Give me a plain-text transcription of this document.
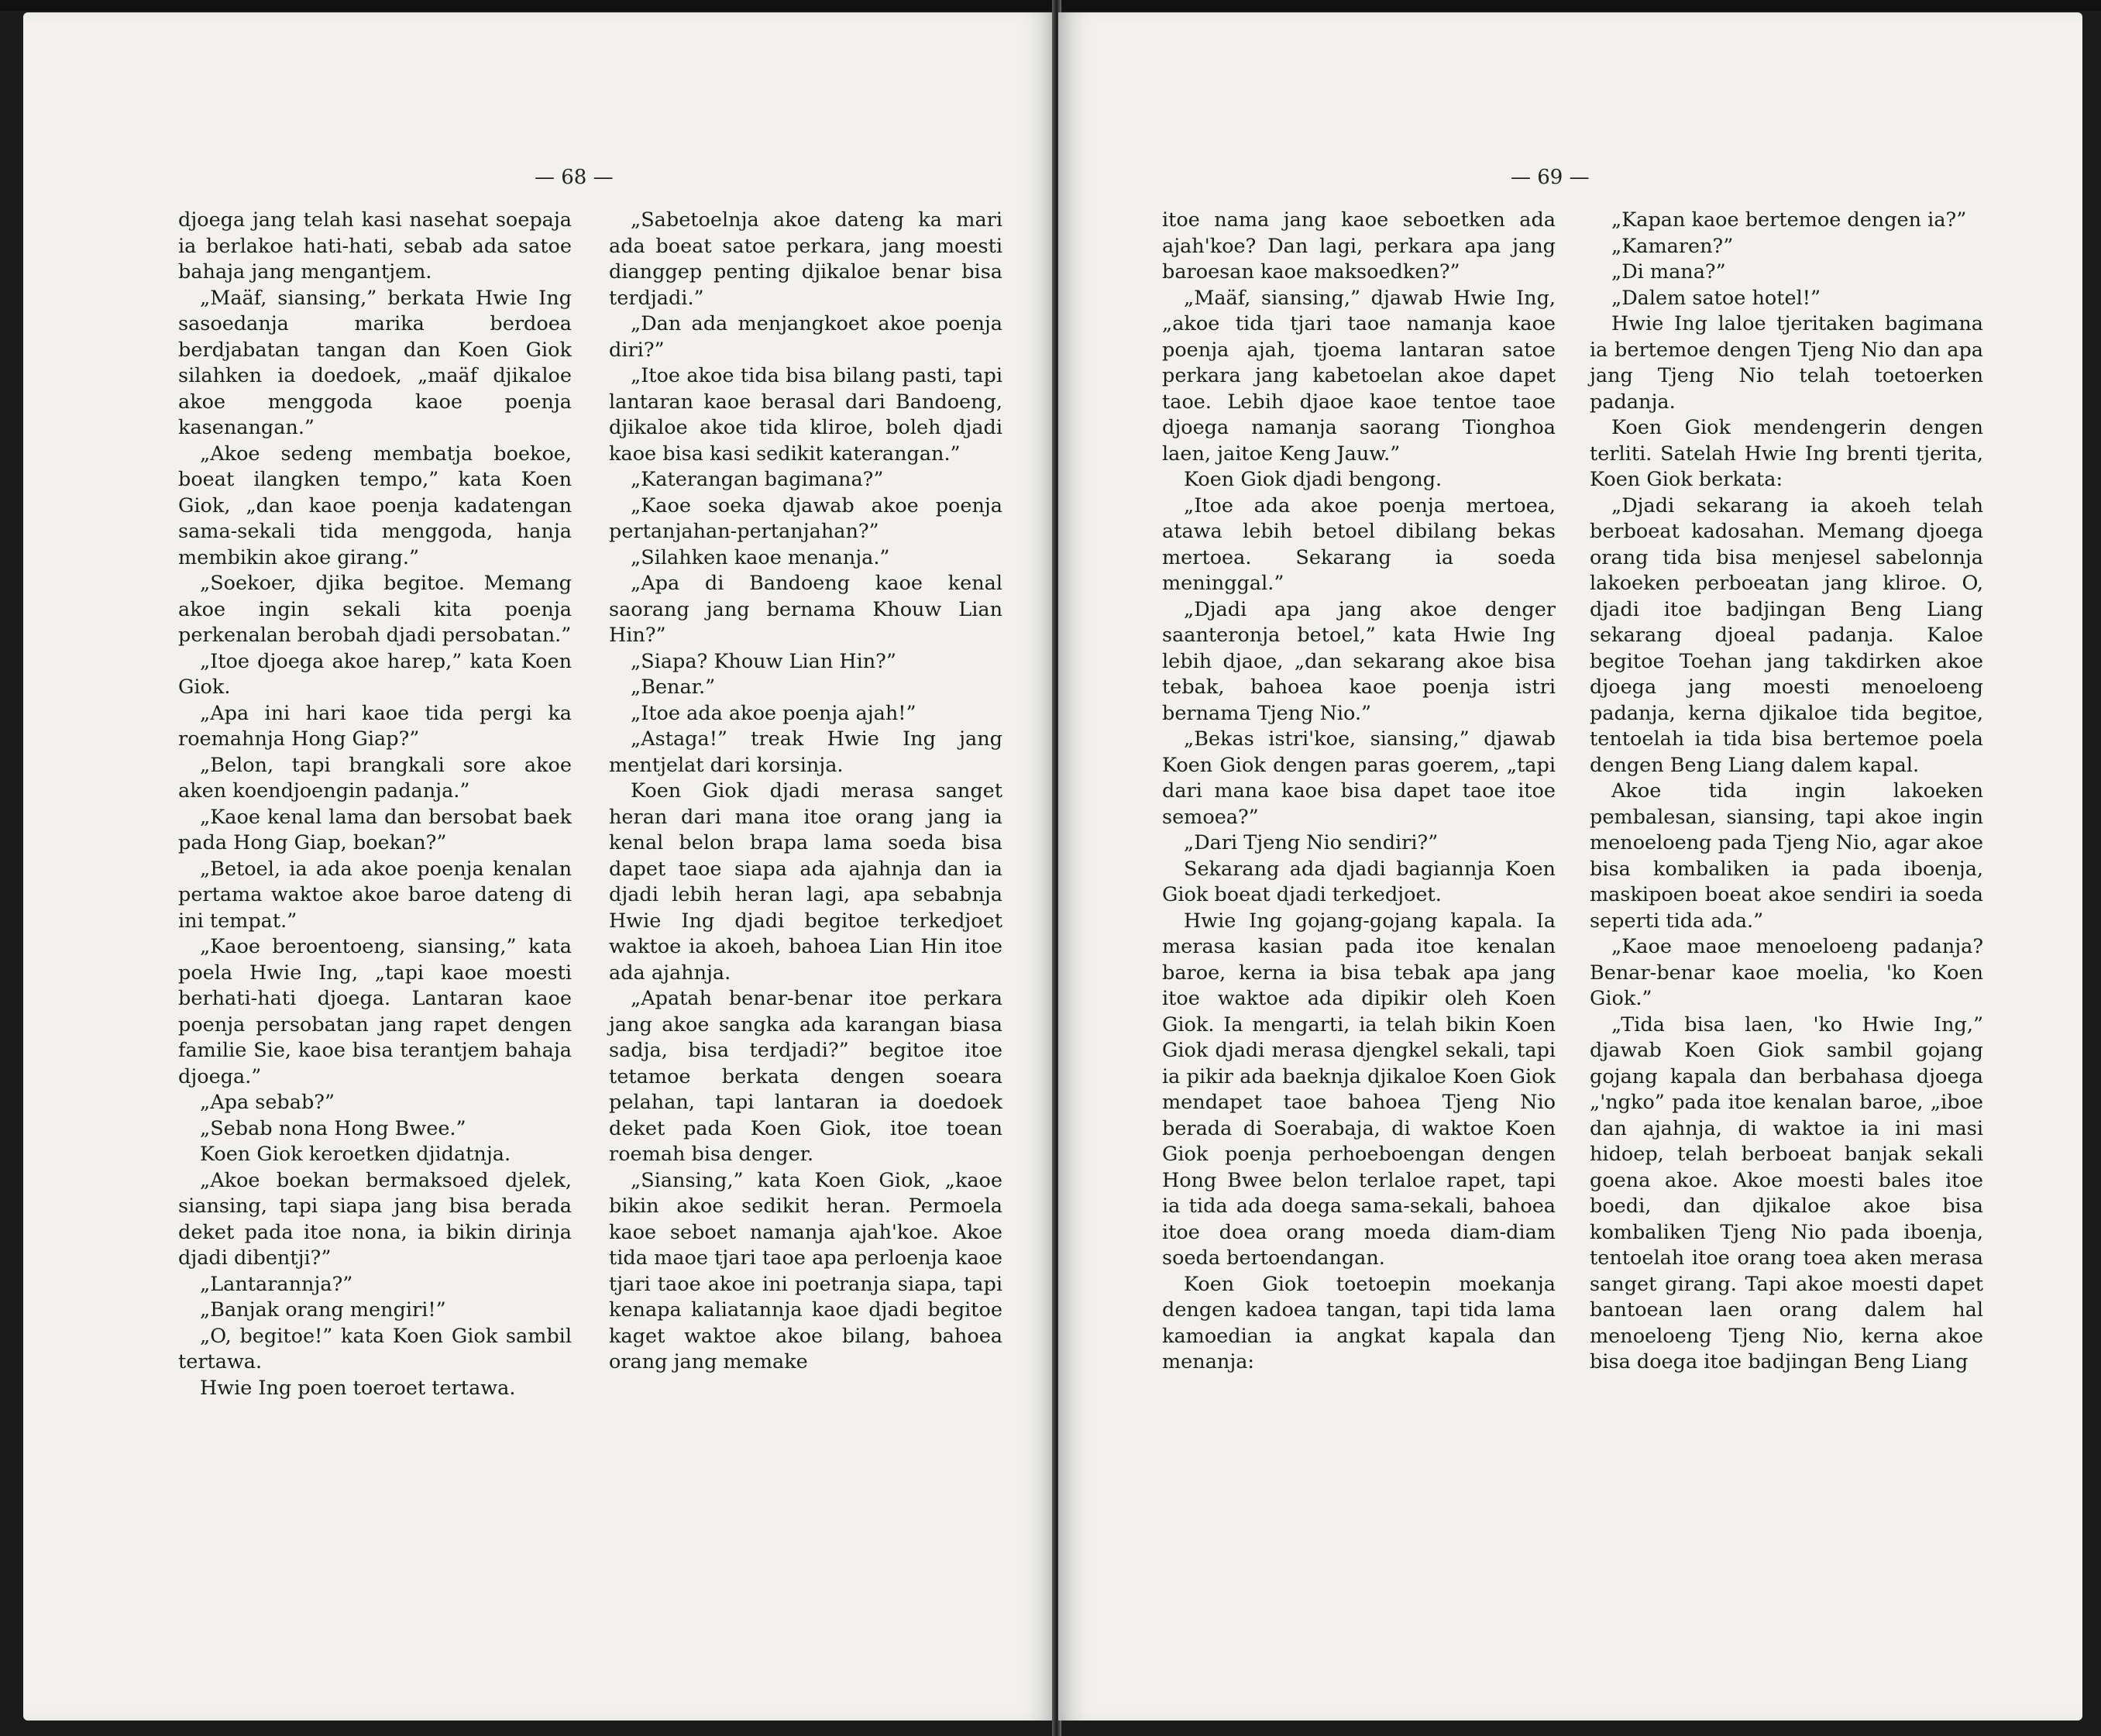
— 68 —

djoega jang telah kasi nasehat soepaja ia berlakoe hati-hati, sebab ada satoe bahaja jang mengantjem.

„Maäf, siansing,” berkata Hwie Ing sasoedanja marika berdoea berdjabatan tangan dan Koen Giok silahken ia doedoek, „maäf djikaloe akoe menggoda kaoe poenja kasenangan.”

„Akoe sedeng membatja boekoe, boeat ilangken tempo,” kata Koen Giok, „dan kaoe poenja kadatengan sama-sekali tida menggoda, hanja membikin akoe girang.”

„Soekoer, djika begitoe. Memang akoe ingin sekali kita poenja perkenalan berobah djadi persobatan.”

„Itoe djoega akoe harep,” kata Koen Giok.

„Apa ini hari kaoe tida pergi ka roemahnja Hong Giap?”

„Belon, tapi brangkali sore akoe aken koendjoengin padanja.”

„Kaoe kenal lama dan bersobat baek pada Hong Giap, boekan?”

„Betoel, ia ada akoe poenja kenalan pertama waktoe akoe baroe dateng di ini tempat.”

„Kaoe beroentoeng, siansing,” kata poela Hwie Ing, „tapi kaoe moesti berhati-hati djoega. Lantaran kaoe poenja persobatan jang rapet dengen familie Sie, kaoe bisa terantjem bahaja djoega.”

„Apa sebab?”

„Sebab nona Hong Bwee.”

Koen Giok keroetken djidatnja.

„Akoe boekan bermaksoed djelek, siansing, tapi siapa jang bisa berada deket pada itoe nona, ia bikin dirinja djadi dibentji?”

„Lantarannja?”

„Banjak orang mengiri!”

„O, begitoe!” kata Koen Giok sambil tertawa.

Hwie Ing poen toeroet tertawa.

„Sabetoelnja akoe dateng ka mari ada boeat satoe perkara, jang moesti dianggep penting djikaloe benar bisa terdjadi.”

„Dan ada menjangkoet akoe poenja diri?”

„Itoe akoe tida bisa bilang pasti, tapi lantaran kaoe berasal dari Bandoeng, djikaloe akoe tida kliroe, boleh djadi kaoe bisa kasi sedikit katerangan.”

„Katerangan bagimana?”

„Kaoe soeka djawab akoe poenja pertanjahan-pertanjahan?”

„Silahken kaoe menanja.”

„Apa di Bandoeng kaoe kenal saorang jang bernama Khouw Lian Hin?”

„Siapa? Khouw Lian Hin?”

„Benar.”

„Itoe ada akoe poenja ajah!”

„Astaga!” treak Hwie Ing jang mentjelat dari korsinja.

Koen Giok djadi merasa sanget heran dari mana itoe orang jang ia kenal belon brapa lama soeda bisa dapet taoe siapa ada ajahnja dan ia djadi lebih heran lagi, apa sebabnja Hwie Ing djadi begitoe terkedjoet waktoe ia akoeh, bahoea Lian Hin itoe ada ajahnja.

„Apatah benar-benar itoe perkara jang akoe sangka ada karangan biasa sadja, bisa terdjadi?” begitoe itoe tetamoe berkata dengen soeara pelahan, tapi lantaran ia doedoek deket pada Koen Giok, itoe toean roemah bisa denger.

„Siansing,” kata Koen Giok, „kaoe bikin akoe sedikit heran. Permoela kaoe seboet namanja ajah'koe. Akoe tida maoe tjari taoe apa perloenja kaoe tjari taoe akoe ini poetranja siapa, tapi kenapa kaliatannja kaoe djadi begitoe kaget waktoe akoe bilang, bahoea orang jang memake

— 69 —

itoe nama jang kaoe seboetken ada ajah'koe? Dan lagi, perkara apa jang baroesan kaoe maksoedken?”

„Maäf, siansing,” djawab Hwie Ing, „akoe tida tjari taoe namanja kaoe poenja ajah, tjoema lantaran satoe perkara jang kabetoelan akoe dapet taoe. Lebih djaoe kaoe tentoe taoe djoega namanja saorang Tionghoa laen, jaitoe Keng Jauw.”

Koen Giok djadi bengong.

„Itoe ada akoe poenja mertoea, atawa lebih betoel dibilang bekas mertoea. Sekarang ia soeda meninggal.”

„Djadi apa jang akoe denger saanteronja betoel,” kata Hwie Ing lebih djaoe, „dan sekarang akoe bisa tebak, bahoea kaoe poenja istri bernama Tjeng Nio.”

„Bekas istri'koe, siansing,” djawab Koen Giok dengen paras goerem, „tapi dari mana kaoe bisa dapet taoe itoe semoea?”

„Dari Tjeng Nio sendiri?”

Sekarang ada djadi bagiannja Koen Giok boeat djadi terkedjoet.

Hwie Ing gojang-gojang kapala. Ia merasa kasian pada itoe kenalan baroe, kerna ia bisa tebak apa jang itoe waktoe ada dipikir oleh Koen Giok. Ia mengarti, ia telah bikin Koen Giok djadi merasa djengkel sekali, tapi ia pikir ada baeknja djikaloe Koen Giok mendapet taoe bahoea Tjeng Nio berada di Soerabaja, di waktoe Koen Giok poenja perhoeboengan dengen Hong Bwee belon terlaloe rapet, tapi ia tida ada doega sama-sekali, bahoea itoe doea orang moeda diam-diam soeda bertoendangan.

Koen Giok toetoepin moekanja dengen kadoea tangan, tapi tida lama kamoedian ia angkat kapala dan menanja:

„Kapan kaoe bertemoe dengen ia?”

„Kamaren?”

„Di mana?”

„Dalem satoe hotel!”

Hwie Ing laloe tjeritaken bagimana ia bertemoe dengen Tjeng Nio dan apa jang Tjeng Nio telah toetoerken padanja.

Koen Giok mendengerin dengen terliti. Satelah Hwie Ing brenti tjerita, Koen Giok berkata:

„Djadi sekarang ia akoeh telah berboeat kadosahan. Memang djoega orang tida bisa menjesel sabelonnja lakoeken perboeatan jang kliroe. O, djadi itoe badjingan Beng Liang sekarang djoeal padanja. Kaloe begitoe Toehan jang takdirken akoe djoega jang moesti menoeloeng padanja, kerna djikaloe tida begitoe, tentoelah ia tida bisa bertemoe poela dengen Beng Liang dalem kapal.

Akoe tida ingin lakoeken pembalesan, siansing, tapi akoe ingin menoeloeng pada Tjeng Nio, agar akoe bisa kombaliken ia pada iboenja, maskipoen boeat akoe sendiri ia soeda seperti tida ada.”

„Kaoe maoe menoeloeng padanja? Benar-benar kaoe moelia, 'ko Koen Giok.”

„Tida bisa laen, 'ko Hwie Ing,” djawab Koen Giok sambil gojang gojang kapala dan berbahasa djoega „'ngko” pada itoe kenalan baroe, „iboe dan ajahnja, di waktoe ia ini masi hidoep, telah berboeat banjak sekali goena akoe. Akoe moesti bales itoe boedi, dan djikaloe akoe bisa kombaliken Tjeng Nio pada iboenja, tentoelah itoe orang toea aken merasa sanget girang. Tapi akoe moesti dapet bantoean laen orang dalem hal menoeloeng Tjeng Nio, kerna akoe bisa doega itoe badjingan Beng Liang
